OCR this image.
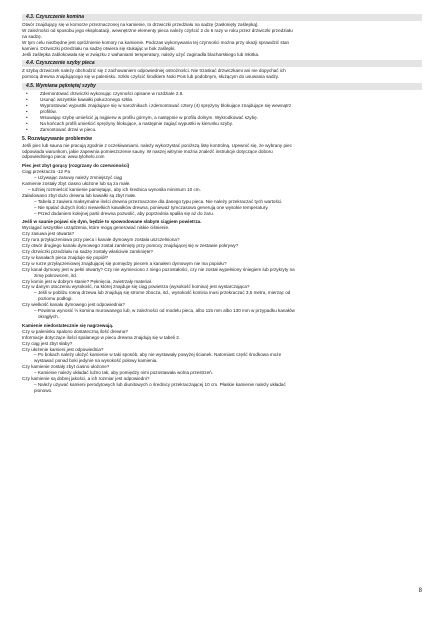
4.3. Czyszczenie komina

Otwór znajdujący się w komorze przeznaczonej na kamienie, to drzwiczki przedziału na sadzę (zasłonięty zaślepką).

W zależności od sposobu jego eksploatacji, wewnętrzne elementy pieca należy czyścić 2 do 6 razy w roku przez drzwiczki przedziału

na sadzę.

W tym celu niezbędne jest opróżnienie komory na kamienie. Podczas wykonywania tej czynności można przy okazji sprawdzić stan

kamieni. Drzwiczki przedziału na sadzę otwiera się stukając w bok zaślepki.

Jeśli zaślepka zablokowała się w związku z wahaniami temperatury, należy użyć zaginadła blacharskiego lub młotka.

4.4. Czyszczenie szyby pieca

Z szybą drzwiczek należy obchodzić się z zachowaniem odpowiedniej ostrożności. Nie trzaskać drzwiczkami ani nie dopychać ich

pomocą drewna znajdującego się w palenisku. Szkło czyścić środkiem Noki Pois lub podobnym, służącym do usuwania sadzy.

4.5. Wymiana pękniętej szyby
• Zdemontować drzwiczki wykonując czynności opisane w rozdziale 2.9.
• Usunąć wszystkie kawałki połuczonego szkła.
• Wyprostować wypustki znajdujące się w narożnikach i zdemontować cztery (4) sprężyny blokujące znajdujące się wewnątrz
• profilów.
• Wsuwając szybę umieścić ją najpierw w profilu górnym, a następnie w profilu dolnym. Wykrodkować szybę.
• Na końcach profili umieścić sprężyny blokujące, a następnie zagiąć wypustki w kierunku szyby.
• Zamontować drzwi w piecu.
5. Rozwiązywanie problemów

Jeśli piec lub sauna nie pracują zgodnie z oczekiwaniami, należy wykorzystać poniższą listę kontrolną. Upewnić się, że wybrany piec

odpowiada warunkom, jakie zapewnia pomieszczenie sauny. W naszej witrynie można znaleźć instrukcje dotyczące doboru

odpowiedniego pieca: www.tylohelo.com

Piec jest zbyt gorący (rozgrzany do czerwoności)

Ciąg przekracza -12 Pa

– Używając zasuwy należy zmniejszyć ciąg

Kamienie zostały zbyt ciasno ułożone lub są za małe.

– Iuźniej rozmieścić kamienie pamiętając, aby ich średnica wynosiła minimum 10 cm.

Załadowano zbyt dużo drewna lub kawałki są zbyt małe.

– Tabela 2 zawiera maksymalne ilości drewna przeznaczone dla danego typu pieca. Nie należy przekraczać tych wartości.

– Nie spalać dużych ilości niewielkich kawałków drewna, ponieważ tymczasowo generują one wysokie temperatury.

– Przed dodaniem kolejnej partii drewna pozwolić, aby poprzednia spaliła się aż do żaru.

Jeśli w saunie pojawi się dym, będzie to spowodowane słabym ciągiem powietrza.

Wyciągać wszystkie urządzenia, które mogą generować niskie ciśnienie.

Czy zasuwa jest otwarta?

Czy rura przyłączeniowa przy piecu i kanale dymowym została uszczelniona?

Czy otwór drugiego kanału dymowego został zamknięty przy pomocy znajdującej się w zestawie pokrywy?

Czy drzwiczki przedziału na sadzę zostały właściwie zamknięte?

Czy w kanałach pieca znajduje się popiół?

Czy w rurze przyłączeniowej znajdującej się pomiędzy piecem a kanałem dymowym nie ma popiołu?

Czy kanał dymowy jest w pełni otwarty? Czy nie wymieciono z niego pozostałości, czy nie został wypełniony śniegiem lub przykryty na

zimę pokrowcem, itd.

Czy komin jest w dobrym stanie? Pęknięcia, zwietrzały materiał.

Czy w danym otoczeniu wysokość, na której znajduje się ciąg powietrza (wysokość komina) jest wystarczająca?

– Jeśli w pobliżu rosną drzewa lub znajdują się strome zbocza, itd., wysokość komina musi przekraczać 3,5 metra, mierząc od

poziomu podłogi.

Czy wielkość kanału dymowego jest odpowiednia?

– Powinna wynosić ½ komina murowanego lub, w zależności od modelu pieca, albo 115 mm albo 130 mm w przypadku kanałów

okrągłych.

Kamienie niedostatecznie się nagrzewają.

Czy w palenisku spalono dostateczną ilość drewna?

Informacje dotyczące ilości spalanego w piecu drewna znajdują się w tabeli 2.

Czy ciąg jest zbyt słaby?

Czy ułożenie kamieni jest odpowiednia?

– Po bokach należy ułożyć kamienie w taki sposób, aby nie wystawały powyżej ścianek. Natomiast część środkowa może

wystawać ponad boki jedynie na wysokość połowy kamienia.

Czy kamienie zostały zbyt ciasno ułożone?

– Kamienie należy układać luźno tak, aby pomiędzy nimi pozostawała wolna przestrzeń.

Czy kamienie są dobrej jakości, a ich rozmiar jest odpowiedni?

– Należy używać kamieni perodytowych lub diunitowych o średnicy przekraczającej 10 cm. Płaskie kamienie należy układać

pionowo.

8
